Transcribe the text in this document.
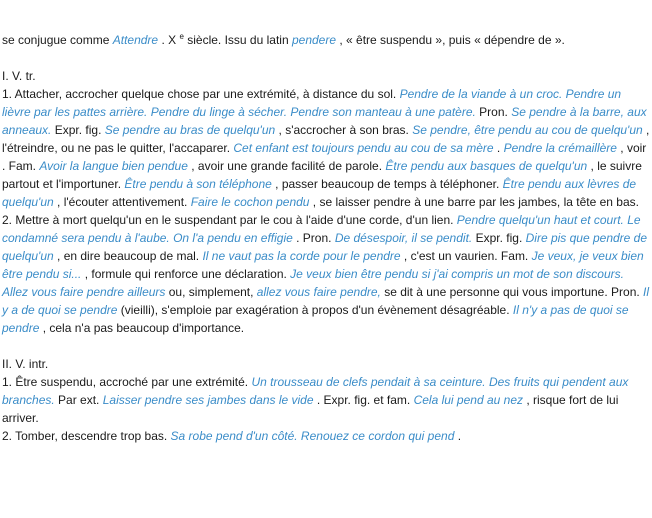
se conjugue comme Attendre . X $^e$ siècle. Issu du latin pendere , « être suspendu », puis « dépendre de ».

I. V. tr.

1. Attacher, accrocher quelque chose par une extrémité, à distance du sol. Pendre de la viande à un croc. Pendre un lièvre par les pattes arrière. Pendre du linge à sécher. Pendre son manteau à une patère. Pron. Se pendre à la barre, aux anneaux. Expr. fig. Se pendre au bras de quelqu'un , s'accrocher à son bras. Se pendre, être pendu au cou de quelqu'un , l'étreindre, ou ne pas le quitter, l'accaparer. Cet enfant est toujours pendu au cou de sa mère . Pendre la crémaillère , voir . Fam. Avoir la langue bien pendue , avoir une grande facilité de parole. Être pendu aux basques de quelqu'un , le suivre partout et l'importuner. Être pendu à son téléphone , passer beaucoup de temps à téléphoner. Être pendu aux lèvres de quelqu'un , l'écouter attentivement. Faire le cochon pendu , se laisser pendre à une barre par les jambes, la tête en bas.

2. Mettre à mort quelqu'un en le suspendant par le cou à l'aide d'une corde, d'un lien. Pendre quelqu'un haut et court. Le condamné sera pendu à l'aube. On l'a pendu en effigie . Pron. De désespoir, il se pendit. Expr. fig. Dire pis que pendre de quelqu'un , en dire beaucoup de mal. Il ne vaut pas la corde pour le pendre , c'est un vaurien. Fam. Je veux, je veux bien être pendu si... , formule qui renforce une déclaration. Je veux bien être pendu si j'ai compris un mot de son discours. Allez vous faire pendre ailleurs ou, simplement, allez vous faire pendre, se dit à une personne qui vous importune. Pron. Il y a de quoi se pendre (vieilli), s'emploie par exagération à propos d'un évènement désagréable. Il n'y a pas de quoi se pendre , cela n'a pas beaucoup d'importance.

II. V. intr.

1. Être suspendu, accroché par une extrémité. Un trousseau de clefs pendait à sa ceinture. Des fruits qui pendent aux branches. Par ext. Laisser pendre ses jambes dans le vide . Expr. fig. et fam. Cela lui pend au nez , risque fort de lui arriver.

2. Tomber, descendre trop bas. Sa robe pend d'un côté. Renouez ce cordon qui pend .
